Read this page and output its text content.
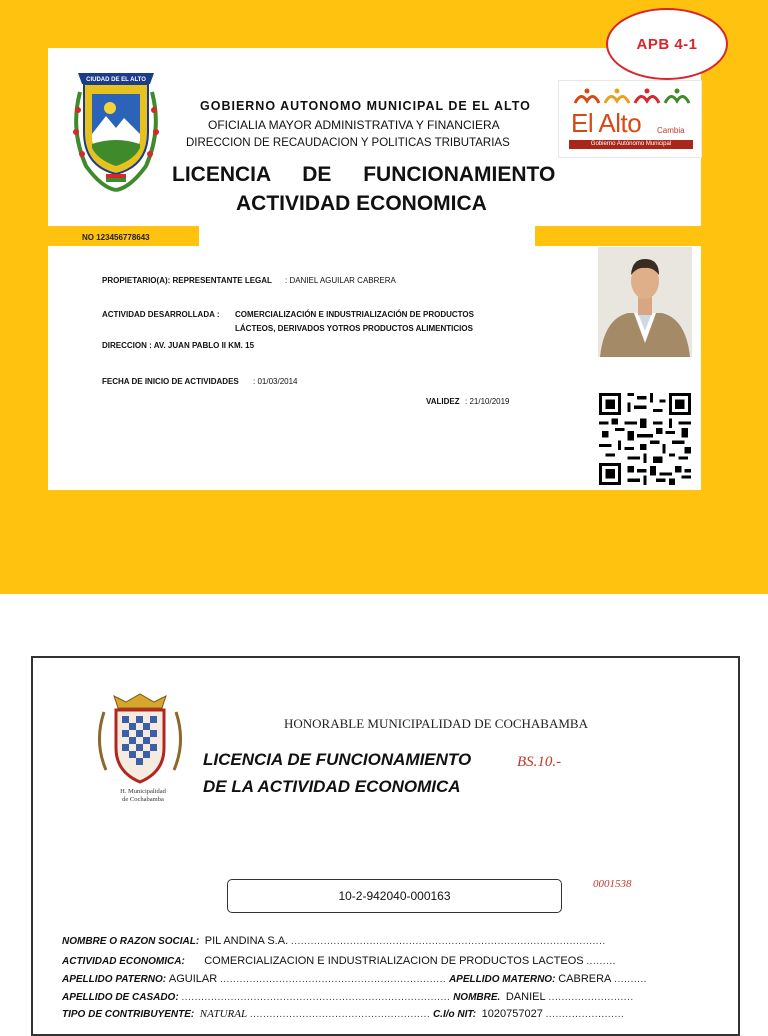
APB 4-1
CIUDAD DE EL ALTO
GOBIERNO AUTONOMO MUNICIPAL DE EL ALTO
OFICIALIA MAYOR ADMINISTRATIVA Y FINANCIERA
DIRECCION DE RECAUDACION Y POLITICAS TRIBUTARIAS
LICENCIA DE FUNCIONAMIENTO
ACTIVIDAD ECONOMICA
El Alto Cambia
Gobierno Autónomo Municipal
NO 123456778643
PROPIETARIO(A): REPRESENTANTE LEGAL : DANIEL AGUILAR CABRERA
ACTIVIDAD DESARROLLADA : COMERCIALIZACIÓN E INDUSTRIALIZACIÓN DE PRODUCTOS
LÁCTEOS, DERIVADOS YOTROS PRODUCTOS ALIMENTICIOS
DIRECCION : AV. JUAN PABLO II KM. 15
FECHA DE INICIO DE ACTIVIDADES : 01/03/2014
VALIDEZ : 21/10/2019
H. Municipalidad
de Cochabamba
HONORABLE MUNICIPALIDAD DE COCHABAMBA
LICENCIA DE FUNCIONAMIENTO	BS.10.-
DE LA ACTIVIDAD ECONOMICA
10-2-942040-000163
0001538
NOMBRE O RAZON SOCIAL: PIL ANDINA S.A. ................................................................................................
ACTIVIDAD ECONOMICA: COMERCIALIZACION E INDUSTRIALIZACION DE PRODUCTOS LACTEOS .........
APELLIDO PATERNO: AGUILAR ..................................................................... APELLIDO MATERNO: CABRERA ..........
APELLIDO DE CASADO: .................................................................................. NOMBRE. DANIEL ..........................
TIPO DE CONTRIBUYENTE: NATURAL ....................................................... C.I/o NIT: 1020757027 ........................
